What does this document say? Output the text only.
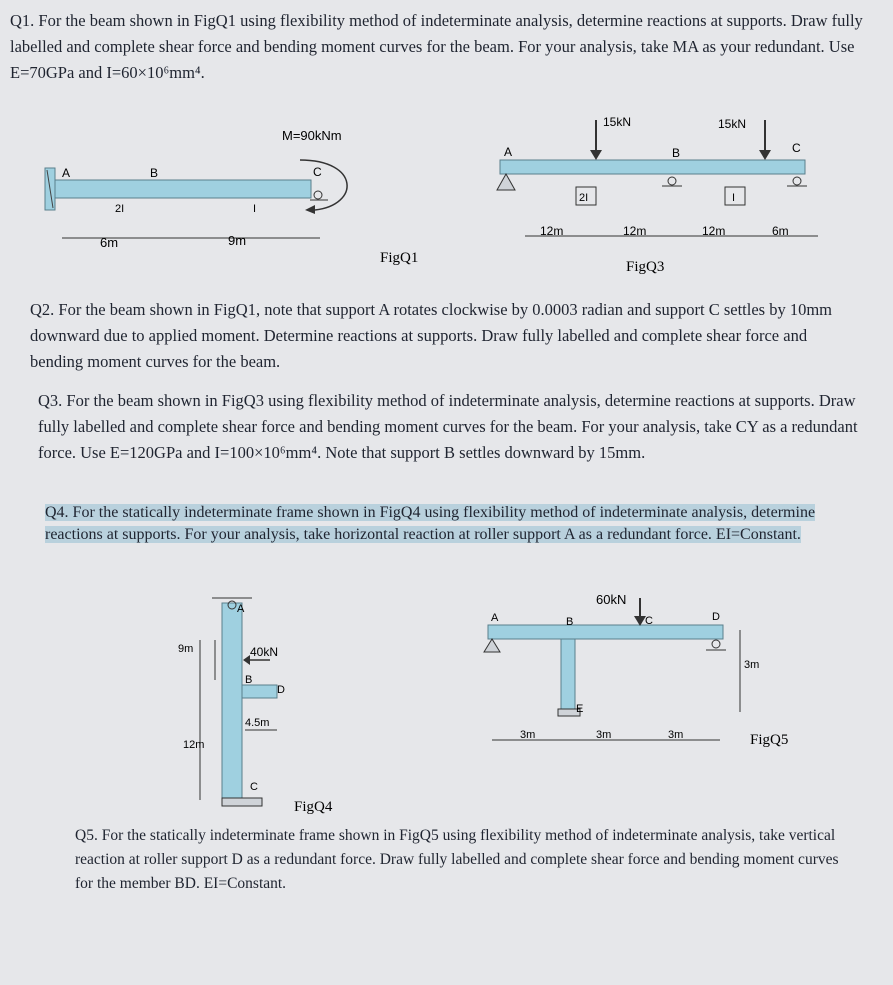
Q1. For the beam shown in FigQ1 using flexibility method of indeterminate analysis, determine reactions at supports. Draw fully labelled and complete shear force and bending moment curves for the beam. For your analysis, take MA as your redundant. Use E=70GPa and I=60×10⁶mm⁴.

A	B	C
M=90kNm
2I	I
6m	9m
FigQ1
15kN	15kN
A	B	C
2I	I
12m	12m	12m	6m
FigQ3

Q2. For the beam shown in FigQ1, note that support A rotates clockwise by 0.0003 radian and support C settles by 10mm downward due to applied moment. Determine reactions at supports. Draw fully labelled and complete shear force and bending moment curves for the beam.

Q3. For the beam shown in FigQ3 using flexibility method of indeterminate analysis, determine reactions at supports. Draw fully labelled and complete shear force and bending moment curves for the beam. For your analysis, take CY as a redundant force. Use E=120GPa and I=100×10⁶mm⁴. Note that support B settles downward by 15mm.

Q4. For the statically indeterminate frame shown in FigQ4 using flexibility method of indeterminate analysis, determine reactions at supports. For your analysis, take horizontal reaction at roller support A as a redundant force. EI=Constant.

A
B
C
D
40kN
9m
12m
4.5m
FigQ4
60kN
A	B	C	D
E
3m	3m	3m
3m
FigQ5

Q5. For the statically indeterminate frame shown in FigQ5 using flexibility method of indeterminate analysis, take vertical reaction at roller support D as a redundant force. Draw fully labelled and complete shear force and bending moment curves for the member BD. EI=Constant.
